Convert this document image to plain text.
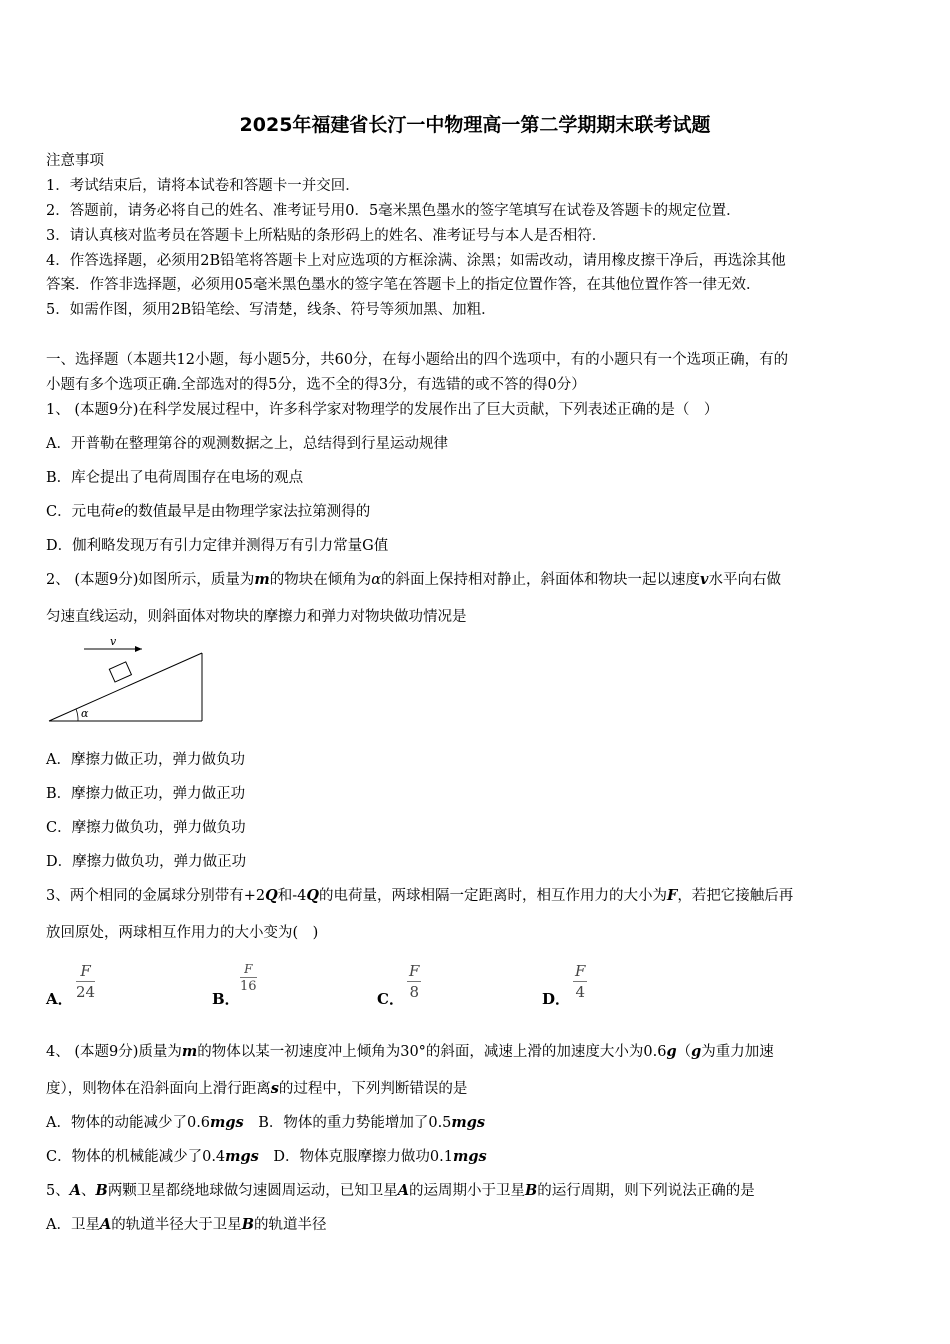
2025年福建省长汀一中物理高一第二学期期末联考试题
注意事项
1．考试结束后，请将本试卷和答题卡一并交回．
2．答题前，请务必将自己的姓名、准考证号用0．5毫米黑色墨水的签字笔填写在试卷及答题卡的规定位置．
3．请认真核对监考员在答题卡上所粘贴的条形码上的姓名、准考证号与本人是否相符．
4．作答选择题，必须用2B铅笔将答题卡上对应选项的方框涂满、涂黑；如需改动，请用橡皮擦干净后，再选涂其他
答案．作答非选择题，必须用05毫米黑色墨水的签字笔在答题卡上的指定位置作答，在其他位置作答一律无效．
5．如需作图，须用2B铅笔绘、写清楚，线条、符号等须加黑、加粗．
一、选择题（本题共12小题，每小题5分，共60分，在每小题给出的四个选项中，有的小题只有一个选项正确，有的
小题有多个选项正确.全部选对的得5分，选不全的得3分，有选错的或不答的得0分）
1、 (本题9分)在科学发展过程中，许多科学家对物理学的发展作出了巨大贡献，下列表述正确的是（　）
A．开普勒在整理第谷的观测数据之上，总结得到行星运动规律
B．库仑提出了电荷周围存在电场的观点
C．元电荷e的数值最早是由物理学家法拉第测得的
D．伽利略发现万有引力定律并测得万有引力常量G值
2、 (本题9分)如图所示，质量为m的物块在倾角为α的斜面上保持相对静止，斜面体和物块一起以速度v水平向右做
匀速直线运动，则斜面体对物块的摩擦力和弹力对物块做功情况是
v
α
A．摩擦力做正功，弹力做负功
B．摩擦力做正功，弹力做正功
C．摩擦力做负功，弹力做负功
D．摩擦力做负功，弹力做正功
3、两个相同的金属球分别带有+2Q和-4Q的电荷量，两球相隔一定距离时，相互作用力的大小为F，若把它接触后再
放回原处，两球相互作用力的大小变为(　)
A．
F
24	B．
F
16
C．
F
8	D．
F
4
4、 (本题9分)质量为m的物体以某一初速度冲上倾角为30°的斜面，减速上滑的加速度大小为0.6g（g为重力加速
度），则物体在沿斜面向上滑行距离s的过程中，下列判断错误的是
A．物体的动能减少了0.6mgs　 B．物体的重力势能增加了0.5mgs
C．物体的机械能减少了0.4mgs　 D．物体克服摩擦力做功0.1mgs
5、A、B两颗卫星都绕地球做匀速圆周运动，已知卫星A的运周期小于卫星B的运行周期，则下列说法正确的是
A．卫星A的轨道半径大于卫星B的轨道半径
